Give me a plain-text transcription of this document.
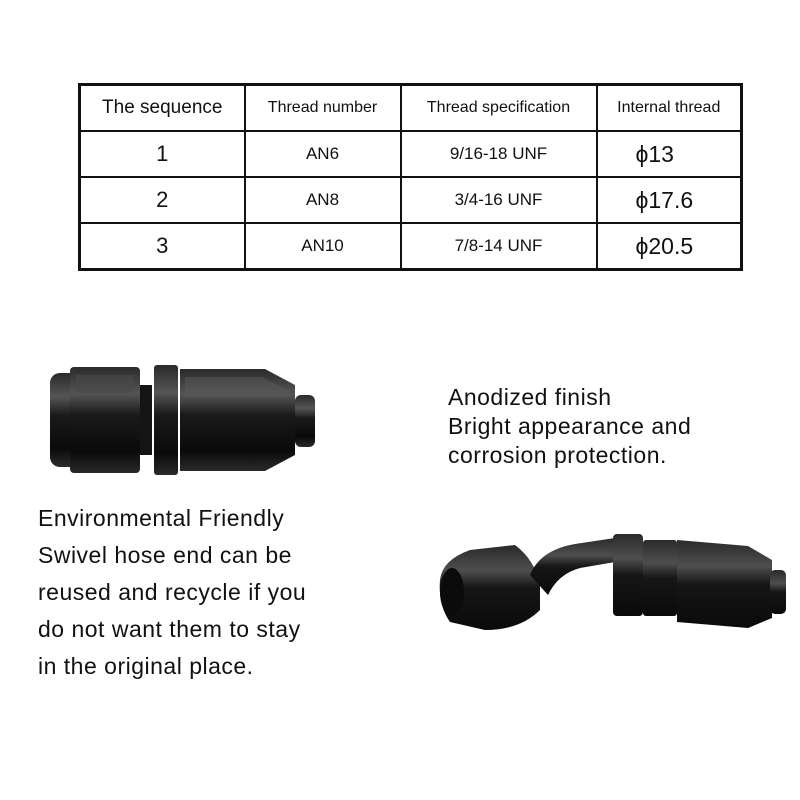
The sequence	Thread number	Thread specification	Internal thread
1	AN6	9/16-18 UNF	ϕ13
2	AN8	3/4-16 UNF	ϕ17.6
3	AN10	7/8-14 UNF	ϕ20.5
Anodized finish
Bright appearance and
corrosion protection.
Environmental Friendly
Swivel hose end can be
reused and recycle if you
do not want them to stay
in the original place.
